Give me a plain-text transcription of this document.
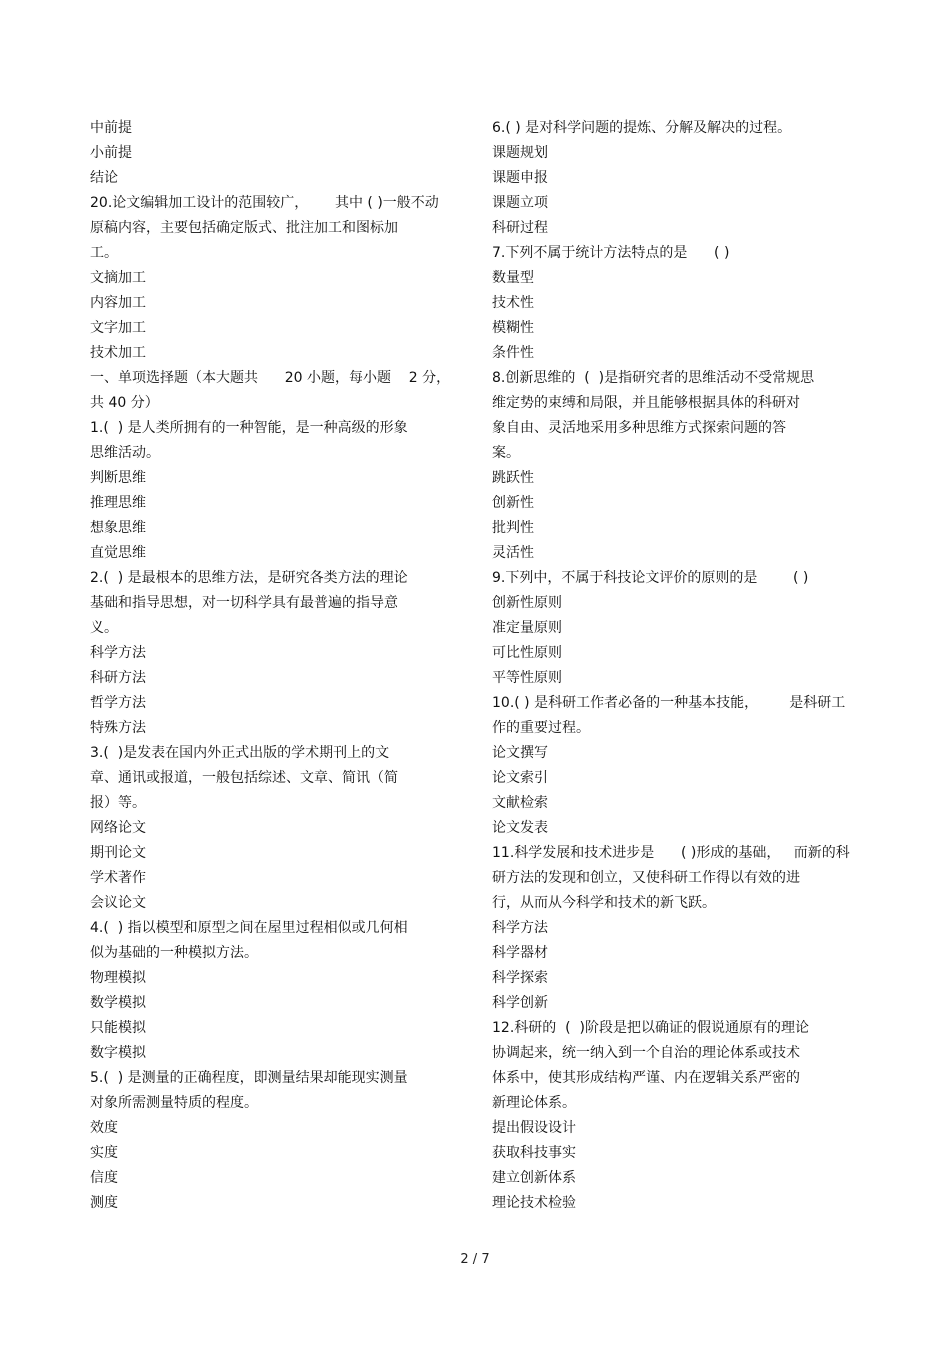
中前提
小前提
结论
20.论文编辑加工设计的范围较广，      其中 ( )一般不动
原稿内容，主要包括确定版式、批注加工和图标加
工。
文摘加工
内容加工
文字加工
技术加工
一、单项选择题（本大题共      20 小题，每小题    2 分，
共 40 分）
1.(  ) 是人类所拥有的一种智能，是一种高级的形象
思维活动。
判断思维
推理思维
想象思维
直觉思维
2.(  ) 是最根本的思维方法，是研究各类方法的理论
基础和指导思想，对一切科学具有最普遍的指导意
义。
科学方法
科研方法
哲学方法
特殊方法
3.(  )是发表在国内外正式出版的学术期刊上的文
章、通讯或报道，一般包括综述、文章、简讯（简
报）等。
网络论文
期刊论文
学术著作
会议论文
4.(  ) 指以模型和原型之间在屋里过程相似或几何相
似为基础的一种模拟方法。
物理模拟
数学模拟
只能模拟
数字模拟
5.(  ) 是测量的正确程度，即测量结果却能现实测量
对象所需测量特质的程度。
效度
实度
信度
测度
6.( ) 是对科学问题的提炼、分解及解决的过程。
课题规划
课题申报
课题立项
科研过程
7.下列不属于统计方法特点的是      ( )
数量型
技术性
模糊性
条件性
8.创新思维的  (  )是指研究者的思维活动不受常规思
维定势的束缚和局限，并且能够根据具体的科研对
象自由、灵活地采用多种思维方式探索问题的答
案。
跳跃性
创新性
批判性
灵活性
9.下列中，不属于科技论文评价的原则的是        ( )
创新性原则
准定量原则
可比性原则
平等性原则
10.( ) 是科研工作者必备的一种基本技能，       是科研工
作的重要过程。
论文撰写
论文索引
文献检索
论文发表
11.科学发展和技术进步是      ( )形成的基础，   而新的科
研方法的发现和创立，又使科研工作得以有效的进
行，从而从今科学和技术的新飞跃。
科学方法
科学器材
科学探索
科学创新
12.科研的  (  )阶段是把以确证的假说通原有的理论
协调起来，统一纳入到一个自治的理论体系或技术
体系中，使其形成结构严谨、内在逻辑关系严密的
新理论体系。
提出假设设计
获取科技事实
建立创新体系
理论技术检验
2 / 7
